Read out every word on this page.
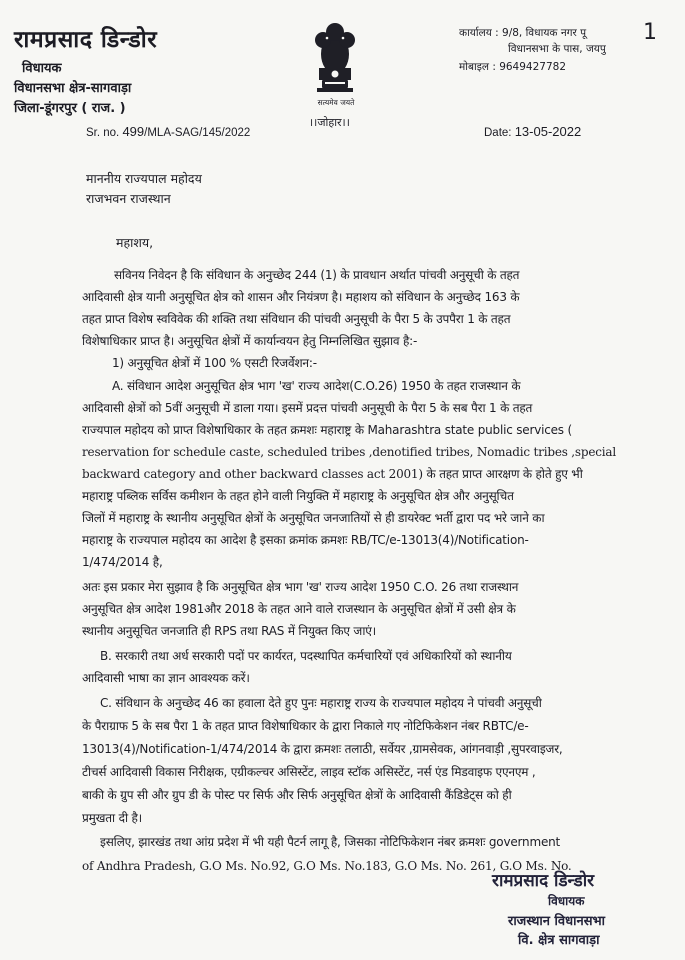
रामप्रसाद डिन्डोर
विधायक
विधानसभा क्षेत्र-सागवाड़ा
जिला-डूंगरपुर ( राज. )	सत्यमेव जयते
।।जोहार।।
कार्यालय : 9/8, विधायक नगर पू
विधानसभा के पास, जयपु
मोबाइल : 9649427782
1
Sr. no. 499/MLA-SAG/145/2022	Date: 13-05-2022
माननीय राज्यपाल महोदय
राजभवन राजस्थान
महाशय,
सविनय निवेदन है कि संविधान के अनुच्छेद 244 (1) के प्रावधान अर्थात पांचवी अनुसूची के तहत
आदिवासी क्षेत्र यानी अनुसूचित क्षेत्र को शासन और नियंत्रण है। महाशय को संविधान के अनुच्छेद 163 के
तहत प्राप्त विशेष स्वविवेक की शक्ति तथा संविधान की पांचवी अनुसूची के पैरा 5 के उपपैरा 1 के तहत
विशेषाधिकार प्राप्त है। अनुसूचित क्षेत्रों में कार्यान्वयन हेतु निम्नलिखित सुझाव है:-
1) अनुसूचित क्षेत्रों में 100 % एसटी रिजर्वेशन:-
A. संविधान आदेश अनुसूचित क्षेत्र भाग 'ख' राज्य आदेश(C.O.26) 1950 के तहत राजस्थान के
आदिवासी क्षेत्रों को 5वीं अनुसूची में डाला गया। इसमें प्रदत्त पांचवी अनुसूची के पैरा 5 के सब पैरा 1 के तहत
राज्यपाल महोदय को प्राप्त विशेषाधिकार के तहत क्रमशः महाराष्ट्र के Maharashtra state public services (
reservation for schedule caste, scheduled tribes ,denotified tribes, Nomadic tribes ,special
backward category and other backward classes act 2001) के तहत प्राप्त आरक्षण के होते हुए भी
महाराष्ट्र पब्लिक सर्विस कमीशन के तहत होने वाली नियुक्ति में महाराष्ट्र के अनुसूचित क्षेत्र और अनुसूचित
जिलों में महाराष्ट्र के स्थानीय अनुसूचित क्षेत्रों के अनुसूचित जनजातियों से ही डायरेक्ट भर्ती द्वारा पद भरे जाने का
महाराष्ट्र के राज्यपाल महोदय का आदेश है इसका क्रमांक क्रमशः RB/TC/e-13013(4)/Notification-
1/474/2014 है,
अतः इस प्रकार मेरा सुझाव है कि अनुसूचित क्षेत्र भाग 'ख' राज्य आदेश 1950 C.O. 26 तथा राजस्थान
अनुसूचित क्षेत्र आदेश 1981और 2018 के तहत आने वाले राजस्थान के अनुसूचित क्षेत्रों में उसी क्षेत्र के
स्थानीय अनुसूचित जनजाति ही RPS तथा RAS में नियुक्त किए जाएं।
B. सरकारी तथा अर्ध सरकारी पदों पर कार्यरत, पदस्थापित कर्मचारियों एवं अधिकारियों को स्थानीय
आदिवासी भाषा का ज्ञान आवश्यक करें।
C. संविधान के अनुच्छेद 46 का हवाला देते हुए पुनः महाराष्ट्र राज्य के राज्यपाल महोदय ने पांचवी अनुसूची
के पैराग्राफ 5 के सब पैरा 1 के तहत प्राप्त विशेषाधिकार के द्वारा निकाले गए नोटिफिकेशन नंबर RBTC/e-
13013(4)/Notification-1/474/2014 के द्वारा क्रमशः तलाठी, सर्वेयर ,ग्रामसेवक, आंगनवाड़ी ,सुपरवाइजर,
टीचर्स आदिवासी विकास निरीक्षक, एग्रीकल्चर असिस्टेंट, लाइव स्टॉक असिस्टेंट, नर्स एंड मिडवाइफ एएनएम ,
बाकी के ग्रुप सी और ग्रुप डी के पोस्ट पर सिर्फ और सिर्फ अनुसूचित क्षेत्रों के आदिवासी कैंडिडेट्स को ही
प्रमुखता दी है।
इसलिए, झारखंड तथा आंग्र प्रदेश में भी यही पैटर्न लागू है, जिसका नोटिफिकेशन नंबर क्रमशः government
of Andhra Pradesh, G.O Ms. No.92, G.O Ms. No.183, G.O Ms. No. 261, G.O Ms. No.
रामप्रसाद डिन्डोर
विधायक
राजस्थान विधानसभा
वि. क्षेत्र सागवाड़ा
